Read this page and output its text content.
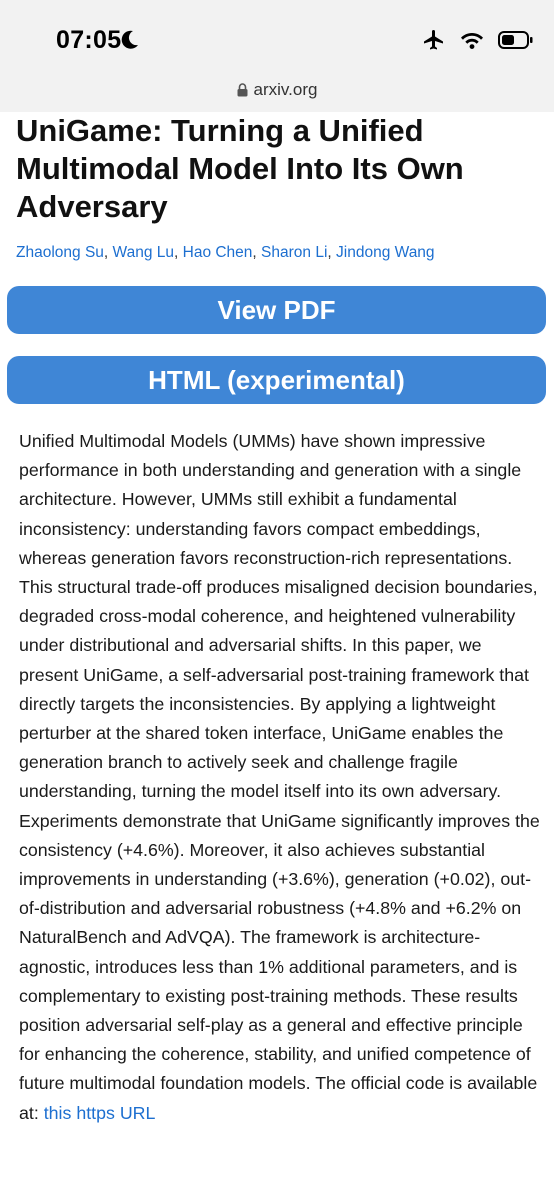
07:05
arxiv.org
UniGame: Turning a Unified Multimodal Model Into Its Own Adversary
Zhaolong Su, Wang Lu, Hao Chen, Sharon Li, Jindong Wang
View PDF
HTML (experimental)

Unified Multimodal Models (UMMs) have shown impressive performance in both understanding and generation with a single architecture. However, UMMs still exhibit a fundamental inconsistency: understanding favors compact embeddings, whereas generation favors reconstruction-rich representations. This structural trade-off produces misaligned decision boundaries, degraded cross-modal coherence, and heightened vulnerability under distributional and adversarial shifts. In this paper, we present UniGame, a self-adversarial post-training framework that directly targets the inconsistencies. By applying a lightweight perturber at the shared token interface, UniGame enables the generation branch to actively seek and challenge fragile understanding, turning the model itself into its own adversary. Experiments demonstrate that UniGame significantly improves the consistency (+4.6%). Moreover, it also achieves substantial improvements in understanding (+3.6%), generation (+0.02), out-of-distribution and adversarial robustness (+4.8% and +6.2% on NaturalBench and AdVQA). The framework is architecture-agnostic, introduces less than 1% additional parameters, and is complementary to existing post-training methods. These results position adversarial self-play as a general and effective principle for enhancing the coherence, stability, and unified competence of future multimodal foundation models. The official code is available at: this https URL
